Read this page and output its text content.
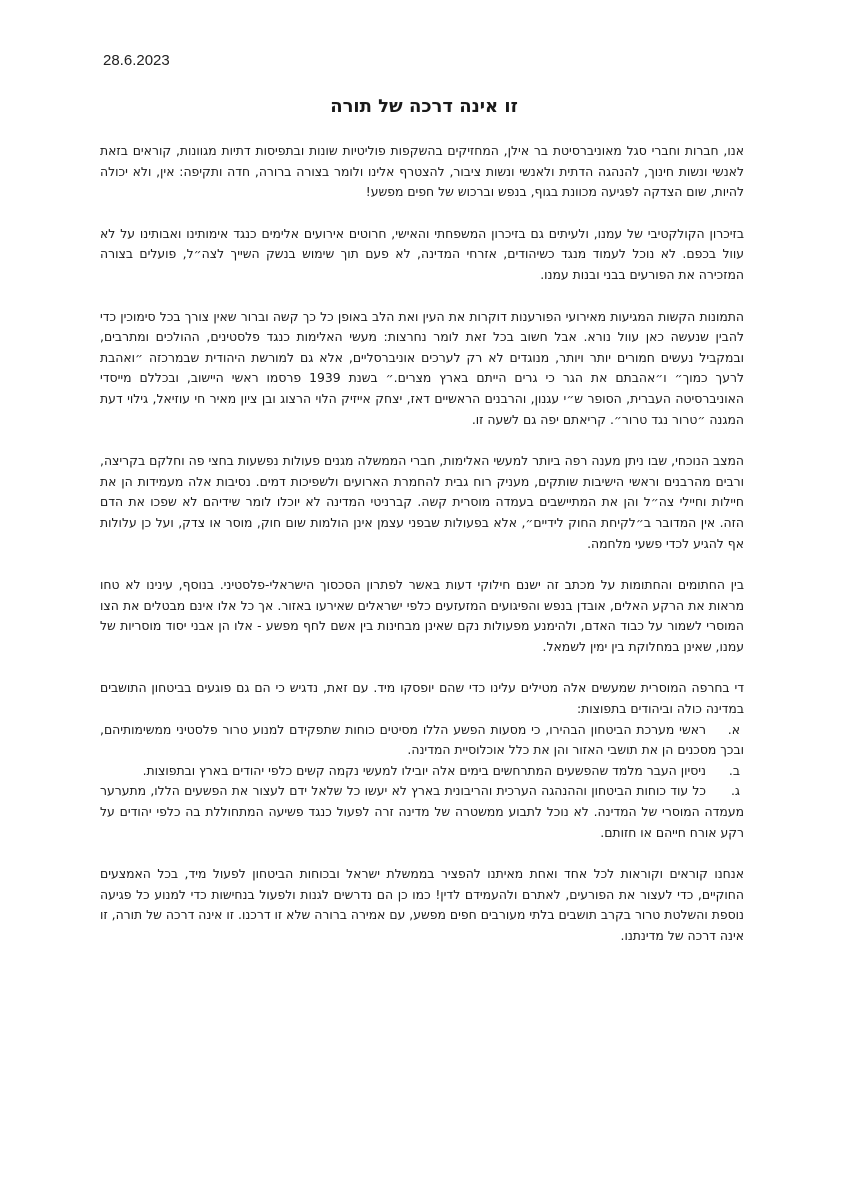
28.6.2023
זו אינה דרכה של תורה

אנו, חברות וחברי סגל מאוניברסיטת בר אילן, המחזיקים בהשקפות פוליטיות שונות ובתפיסות דתיות מגוונות, קוראים בזאת לאנשי ונשות חינוך, להנהגה הדתית ולאנשי ונשות ציבור, להצטרף אלינו ולומר בצורה ברורה, חדה ותקיפה: אין, ולא יכולה להיות, שום הצדקה לפגיעה מכוונת בגוף, בנפש וברכוש של חפים מפשע!

בזיכרון הקולקטיבי של עמנו, ולעיתים גם בזיכרון המשפחתי והאישי, חרוטים אירועים אלימים כנגד אימותינו ואבותינו על לא עוול בכפם. לא נוכל לעמוד מנגד כשיהודים, אזרחי המדינה, לא פעם תוך שימוש בנשק השייך לצה״ל, פועלים בצורה המזכירה את הפורעים בבני ובנות עמנו.

התמונות הקשות המגיעות מאירועי הפורענות דוקרות את העין ואת הלב באופן כל כך קשה וברור שאין צורך בכל סימוכין כדי להבין שנעשה כאן עוול נורא. אבל חשוב בכל זאת לומר נחרצות: מעשי האלימות כנגד פלסטינים, ההולכים ומתרבים, ובמקביל נעשים חמורים יותר ויותר, מנוגדים לא רק לערכים אוניברסליים, אלא גם למורשת היהודית שבמרכזה ״ואהבת לרעך כמוך״ ו״אהבתם את הגר כי גרים הייתם בארץ מצרים.״ בשנת 1939 פרסמו ראשי היישוב, ובכללם מייסדי האוניברסיטה העברית, הסופר ש״י עגנון, והרבנים הראשיים דאז, יצחק אייזיק הלוי הרצוג ובן ציון מאיר חי עוזיאל, גילוי דעת המגנה ״טרור נגד טרור״. קריאתם יפה גם לשעה זו.

המצב הנוכחי, שבו ניתן מענה רפה ביותר למעשי האלימות, חברי הממשלה מגנים פעולות נפשעות בחצי פה וחלקם בקריצה, ורבים מהרבנים וראשי הישיבות שותקים, מעניק רוח גבית להחמרת הארועים ולשפיכות דמים. נסיבות אלה מעמידות הן את חיילות וחיילי צה״ל והן את המתיישבים בעמדה מוסרית קשה. קברניטי המדינה לא יוכלו לומר שידיהם לא שפכו את הדם הזה. אין המדובר ב״לקיחת החוק לידיים״, אלא בפעולות שבפני עצמן אינן הולמות שום חוק, מוסר או צדק, ועל כן עלולות אף להגיע לכדי פשעי מלחמה.

בין החתומים והחתומות על מכתב זה ישנם חילוקי דעות באשר לפתרון הסכסוך הישראלי-פלסטיני. בנוסף, עינינו לא טחו מראות את הרקע האלים, אובדן בנפש והפיגועים המזעזעים כלפי ישראלים שאירעו באזור. אך כל אלו אינם מבטלים את הצו המוסרי לשמור על כבוד האדם, ולהימנע מפעולות נקם שאינן מבחינות בין אשם לחף מפשע - אלו הן אבני יסוד מוסריות של עמנו, שאינן במחלוקת בין ימין לשמאל.

די בחרפה המוסרית שמעשים אלה מטילים עלינו כדי שהם יופסקו מיד. עם זאת, נדגיש כי הם גם פוגעים בביטחון התושבים במדינה כולה וביהודים בתפוצות:

א.ראשי מערכת הביטחון הבהירו, כי מסעות הפשע הללו מסיטים כוחות שתפקידם למנוע טרור פלסטיני ממשימותיהם, ובכך מסכנים הן את תושבי האזור והן את כלל אוכלוסיית המדינה.
ב.ניסיון העבר מלמד שהפשעים המתרחשים בימים אלה יובילו למעשי נקמה קשים כלפי יהודים בארץ ובתפוצות.
ג.כל עוד כוחות הביטחון וההנהגה הערכית והריבונית בארץ לא יעשו כל שלאל ידם לעצור את הפשעים הללו, מתערער מעמדה המוסרי של המדינה. לא נוכל לתבוע ממשטרה של מדינה זרה לפעול כנגד פשיעה המתחוללת בה כלפי יהודים על רקע אורח חייהם או חזותם.

אנחנו קוראים וקוראות לכל אחד ואחת מאיתנו להפציר בממשלת ישראל ובכוחות הביטחון לפעול מיד, בכל האמצעים החוקיים, כדי לעצור את הפורעים, לאתרם ולהעמידם לדין! כמו כן הם נדרשים לגנות ולפעול בנחישות כדי למנוע כל פגיעה נוספת והשלטת טרור בקרב תושבים בלתי מעורבים חפים מפשע, עם אמירה ברורה שלא זו דרכנו. זו אינה דרכה של תורה, זו אינה דרכה של מדינתנו.
